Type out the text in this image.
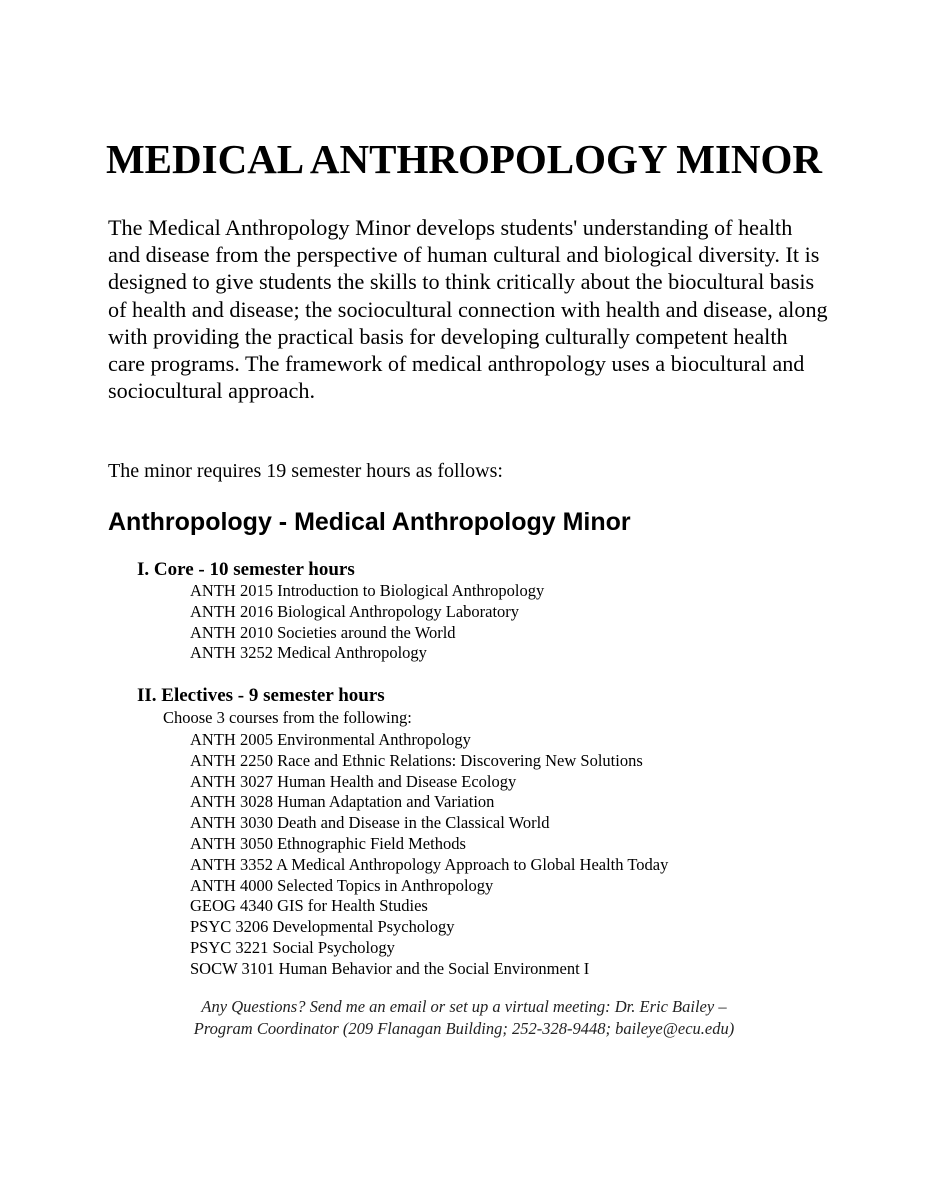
MEDICAL ANTHROPOLOGY MINOR

The Medical Anthropology Minor develops students' understanding of health and disease from the perspective of human cultural and biological diversity. It is designed to give students the skills to think critically about the biocultural basis of health and disease; the sociocultural connection with health and disease, along with providing the practical basis for developing culturally competent health care programs. The framework of medical anthropology uses a biocultural and sociocultural approach.

The minor requires 19 semester hours as follows:

Anthropology - Medical Anthropology Minor
I. Core - 10 semester hours
ANTH 2015 Introduction to Biological Anthropology
ANTH 2016 Biological Anthropology Laboratory
ANTH 2010 Societies around the World
ANTH 3252 Medical Anthropology
II. Electives - 9 semester hours

Choose 3 courses from the following:

ANTH 2005 Environmental Anthropology
ANTH 2250 Race and Ethnic Relations: Discovering New Solutions
ANTH 3027 Human Health and Disease Ecology
ANTH 3028 Human Adaptation and Variation
ANTH 3030 Death and Disease in the Classical World
ANTH 3050 Ethnographic Field Methods
ANTH 3352 A Medical Anthropology Approach to Global Health Today
ANTH 4000 Selected Topics in Anthropology
GEOG 4340 GIS for Health Studies
PSYC 3206 Developmental Psychology
PSYC 3221 Social Psychology
SOCW 3101 Human Behavior and the Social Environment I
Any Questions? Send me an email or set up a virtual meeting: Dr. Eric Bailey –
Program Coordinator (209 Flanagan Building; 252-328-9448; baileye@ecu.edu)
